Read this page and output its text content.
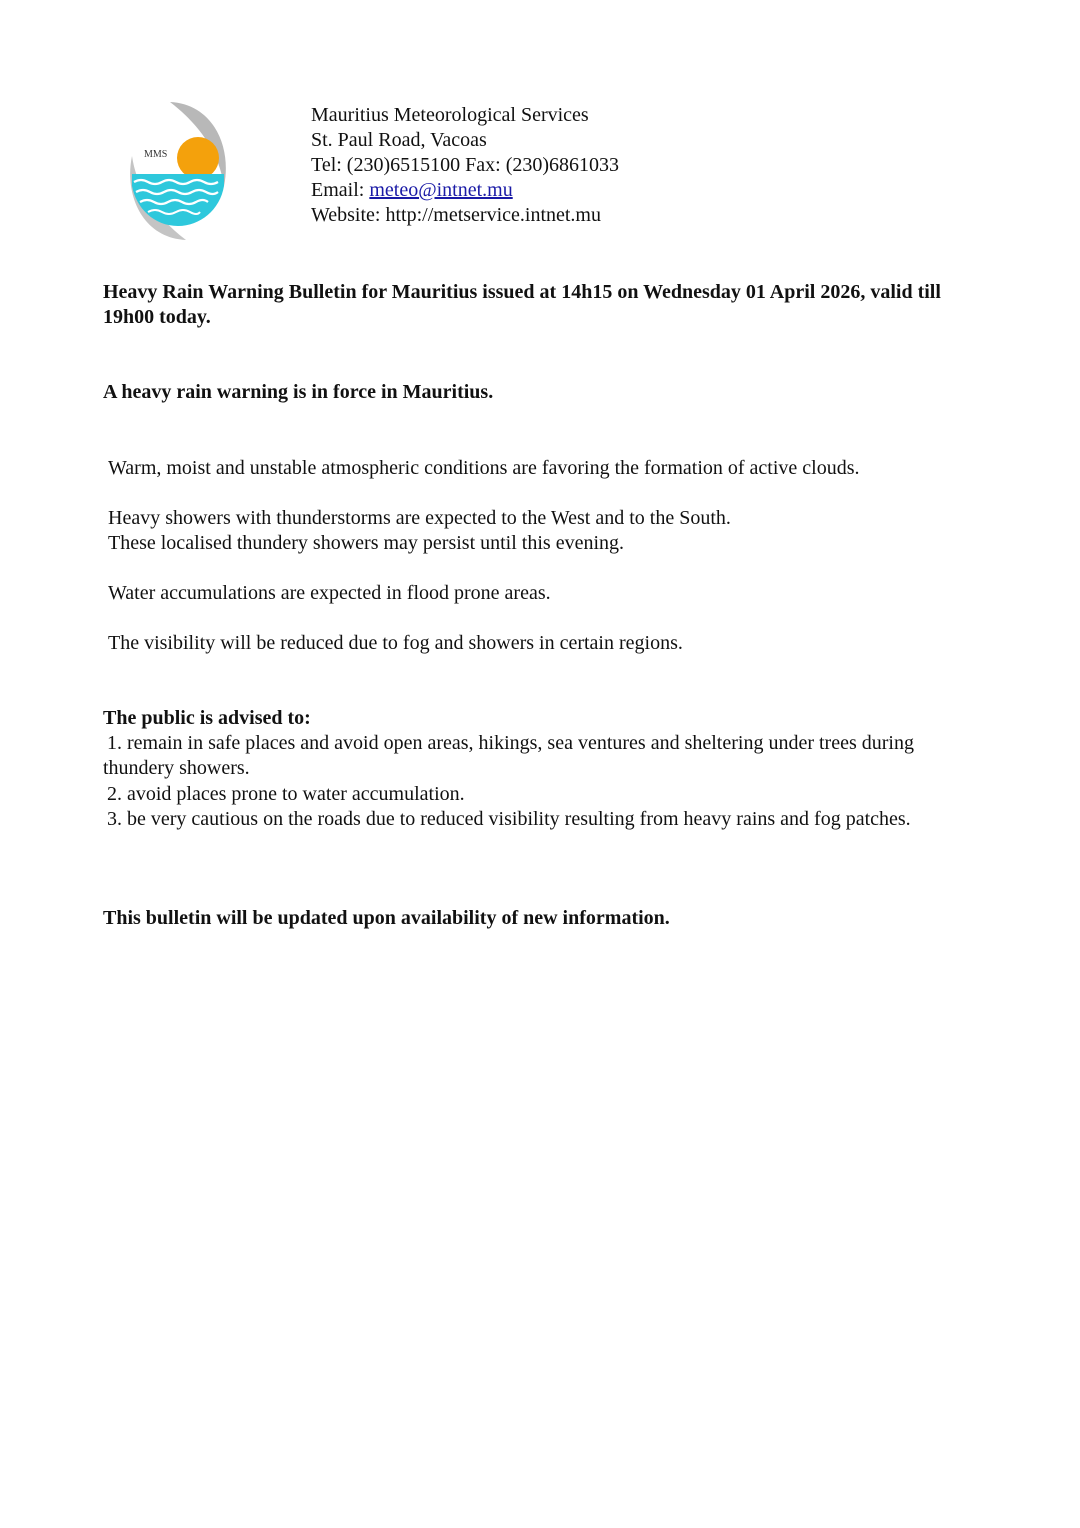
MMS
Mauritius Meteorological Services
St. Paul Road, Vacoas
Tel: (230)6515100 Fax: (230)6861033
Email: meteo@intnet.mu
Website: http://metservice.intnet.mu
Heavy Rain Warning Bulletin for Mauritius issued at 14h15 on Wednesday 01 April 2026, valid till 19h00 today.
A heavy rain warning is in force in Mauritius.
Warm, moist and unstable atmospheric conditions are favoring the formation of active clouds.
Heavy showers with thunderstorms are expected to the West and to the South.
These localised thundery showers may persist until this evening.
Water accumulations are expected in flood prone areas.
The visibility will be reduced due to fog and showers in certain regions.
The public is advised to:
1. remain in safe places and avoid open areas, hikings, sea ventures and sheltering under trees during thundery showers.
2. avoid places prone to water accumulation.
3. be very cautious on the roads due to reduced visibility resulting from heavy rains and fog patches.
This bulletin will be updated upon availability of new information.
